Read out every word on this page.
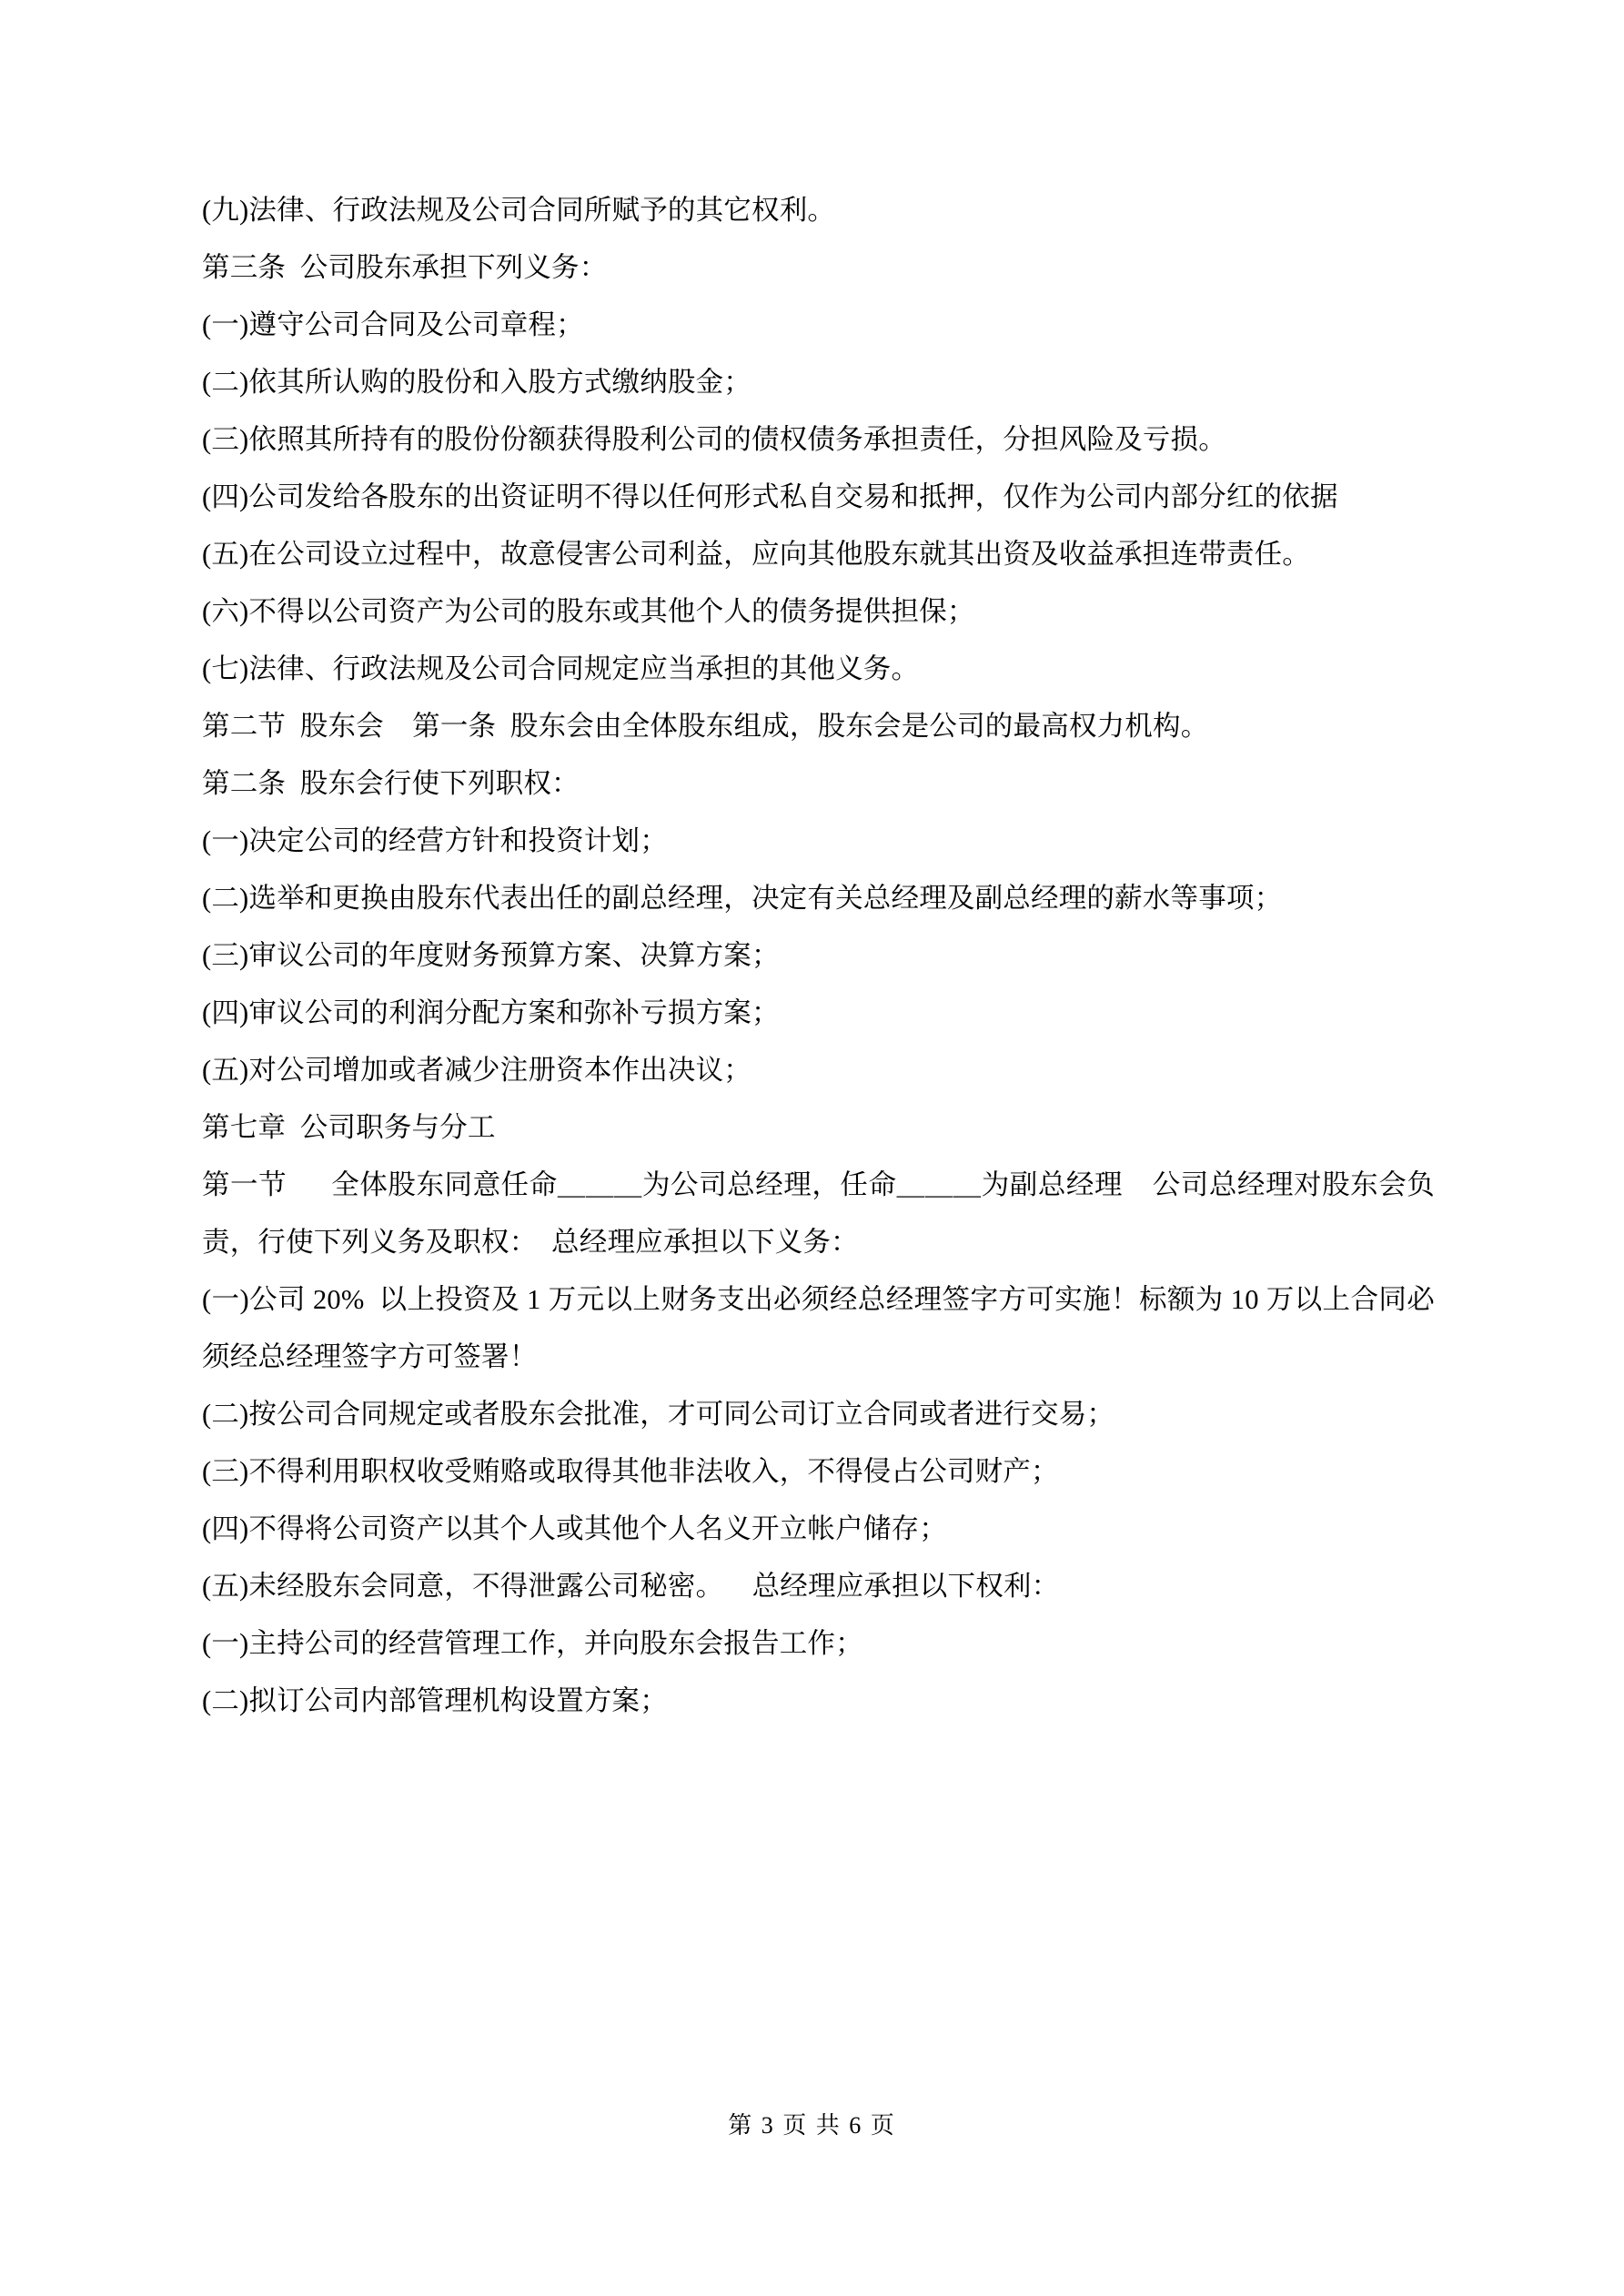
(九)法律、行政法规及公司合同所赋予的其它权利。

第三条  公司股东承担下列义务：

(一)遵守公司合同及公司章程；

(二)依其所认购的股份和入股方式缴纳股金；

(三)依照其所持有的股份份额获得股利公司的债权债务承担责任，分担风险及亏损。

(四)公司发给各股东的出资证明不得以任何形式私自交易和抵押，仅作为公司内部分红的依据

(五)在公司设立过程中，故意侵害公司利益，应向其他股东就其出资及收益承担连带责任。

(六)不得以公司资产为公司的股东或其他个人的债务提供担保；

(七)法律、行政法规及公司合同规定应当承担的其他义务。

第二节  股东会    第一条  股东会由全体股东组成，股东会是公司的最高权力机构。

第二条  股东会行使下列职权：

(一)决定公司的经营方针和投资计划；

(二)选举和更换由股东代表出任的副总经理，决定有关总经理及副总经理的薪水等事项；

(三)审议公司的年度财务预算方案、决算方案；

(四)审议公司的利润分配方案和弥补亏损方案；

(五)对公司增加或者减少注册资本作出决议；

第七章  公司职务与分工

第一节      全体股东同意任命＿＿＿为公司总经理，任命＿＿＿为副总经理    公司总经理对股东会负责，行使下列义务及职权：  总经理应承担以下义务：

(一)公司 20%  以上投资及 1 万元以上财务支出必须经总经理签字方可实施！标额为 10 万以上合同必须经总经理签字方可签署！

(二)按公司合同规定或者股东会批准，才可同公司订立合同或者进行交易；

(三)不得利用职权收受贿赂或取得其他非法收入，不得侵占公司财产；

(四)不得将公司资产以其个人或其他个人名义开立帐户储存；

(五)未经股东会同意，不得泄露公司秘密。    总经理应承担以下权利：

(一)主持公司的经营管理工作，并向股东会报告工作；

(二)拟订公司内部管理机构设置方案；

第 3 页 共 6 页
